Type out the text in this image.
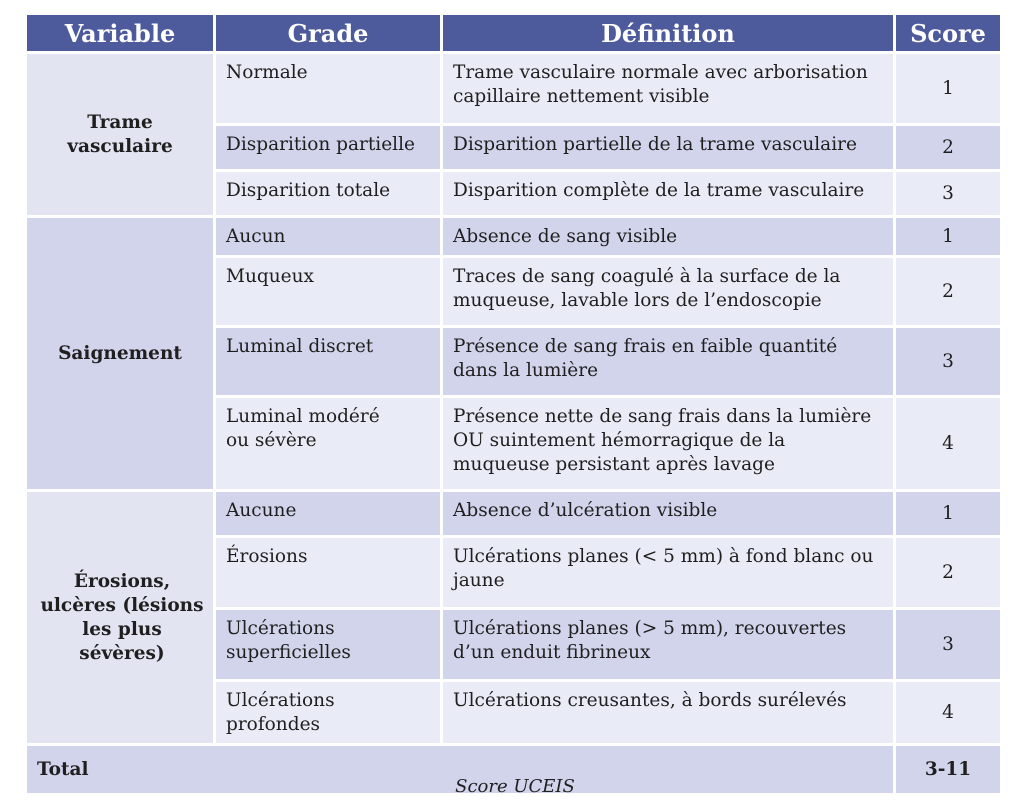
Variable	Grade	Définition	Score
Trame vasculaire	Normale	Trame vasculaire normale avec arborisation capillaire nettement visible	1
	Disparition partielle	Disparition partielle de la trame vasculaire	2
	Disparition totale	Disparition complète de la trame vasculaire	3
Saignement	Aucun	Absence de sang visible	1
	Muqueux	Traces de sang coagulé à la surface de la muqueuse, lavable lors de l’endoscopie	2
	Luminal discret	Présence de sang frais en faible quantité dans la lumière	3
	Luminal modéré ou sévère	Présence nette de sang frais dans la lumière OU suintement hémorragique de la muqueuse persistant après lavage	4
Érosions, ulcères (lésions les plus sévères)	Aucune	Absence d’ulcération visible	1
	Érosions	Ulcérations planes (< 5 mm) à fond blanc ou jaune	2
	Ulcérations superficielles	Ulcérations planes (> 5 mm), recouvertes d’un enduit fibrineux	3
	Ulcérations profondes	Ulcérations creusantes, à bords surélevés	4
Total			3-11
Score UCEIS
